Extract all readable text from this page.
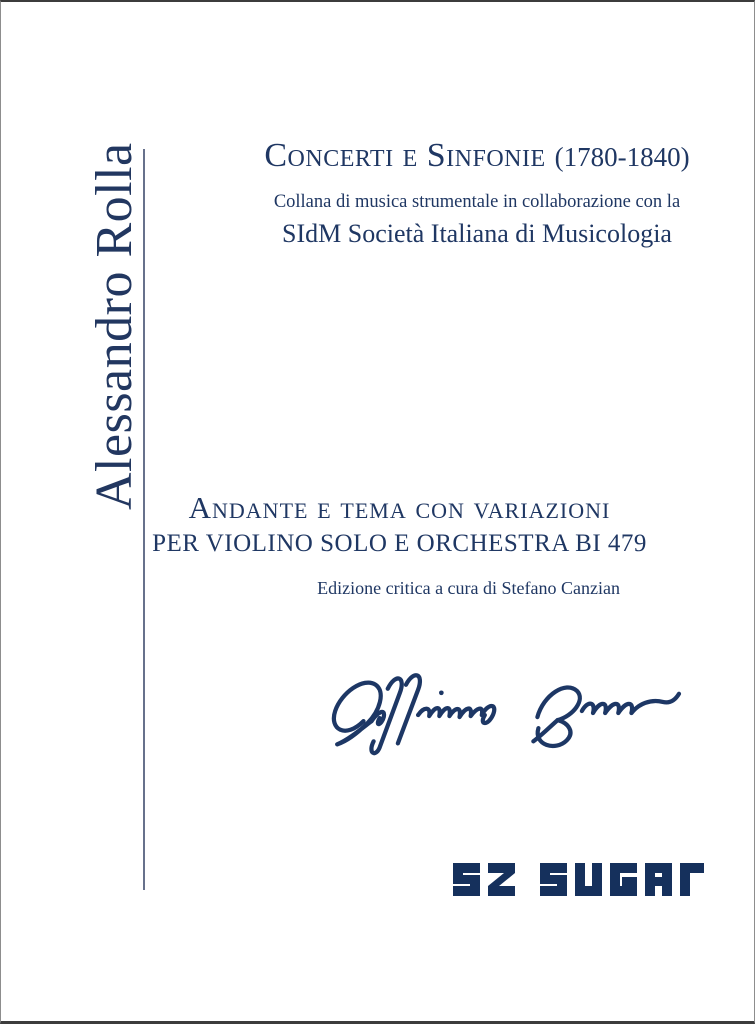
Alessandro Rolla	Concerti e Sinfonie (1780-1840)

Collana di musica strumentale in collaborazione con la

SIdM Società Italiana di Musicologia

Andante e tema con variazioni
PER VIOLINO SOLO E ORCHESTRA BI 479

Edizione critica a cura di Stefano Canzian
